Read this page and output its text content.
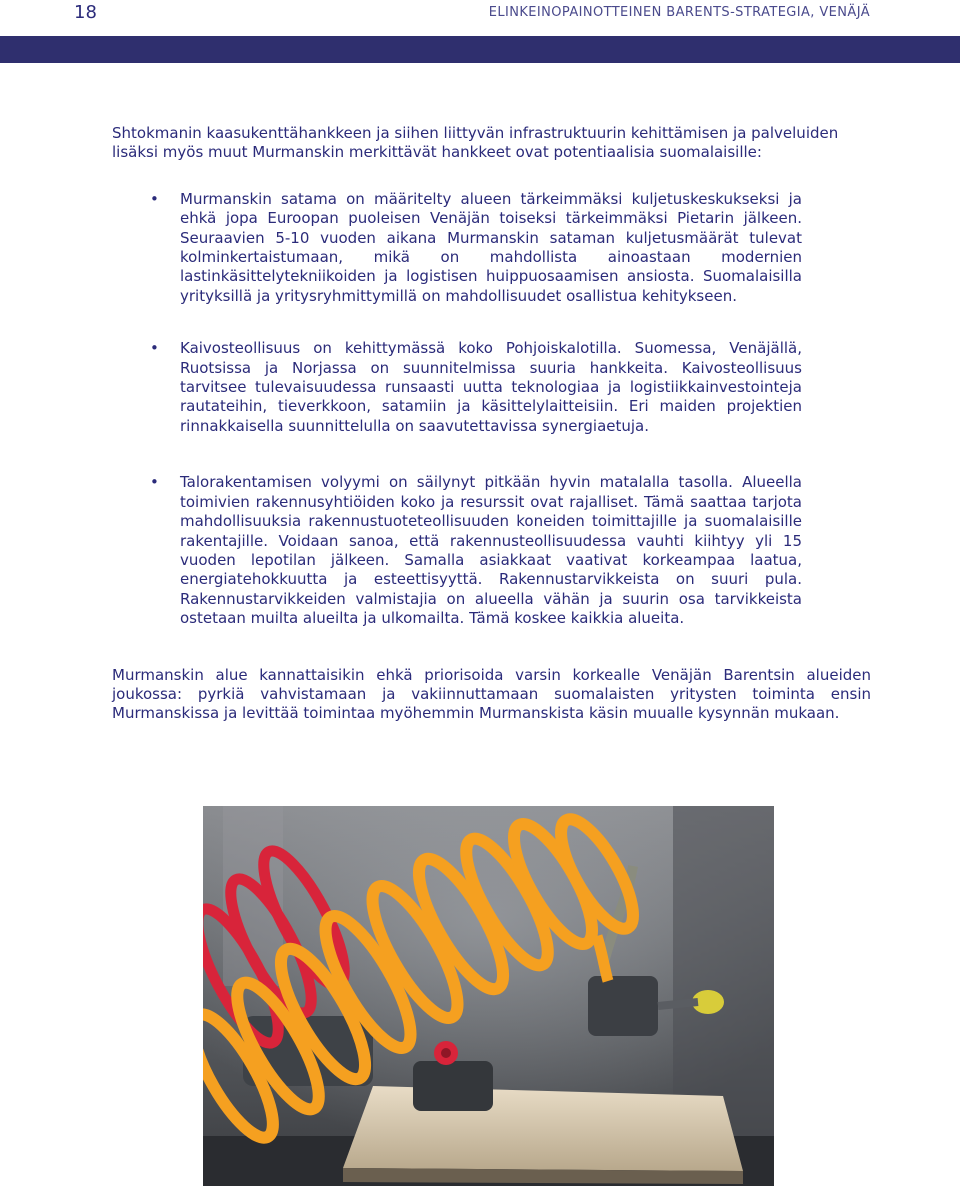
18	ELINKEINOPAINOTTEINEN BARENTS-STRATEGIA, VENÄJÄ

Shtokmanin kaasukenttähankkeen ja siihen liittyvän infrastruktuurin kehittämisen ja palveluiden lisäksi myös muut Murmanskin merkittävät hankkeet ovat potentiaalisia suomalaisille:

• Murmanskin satama on määritelty alueen tärkeimmäksi kuljetuskeskukseksi ja ehkä jopa Euroopan puoleisen Venäjän toiseksi tärkeimmäksi Pietarin jälkeen. Seuraavien 5-10 vuoden aikana Murmanskin sataman kuljetusmäärät tulevat kolminkertaistumaan, mikä on mahdollista ainoastaan modernien lastinkäsittelytekniikoiden ja logistisen huippuosaamisen ansiosta. Suomalaisilla yrityksillä ja yritysryhmittymillä on mahdollisuudet osallistua kehitykseen.
• Kaivosteollisuus on kehittymässä koko Pohjoiskalotilla. Suomessa, Venäjällä, Ruotsissa ja Norjassa on suunnitelmissa suuria hankkeita. Kaivosteollisuus tarvitsee tulevaisuudessa runsaasti uutta teknologiaa ja logistiikkainvestointeja rautateihin, tieverkkoon, satamiin ja käsittelylaitteisiin. Eri maiden projektien rinnakkaisella suunnittelulla on saavutettavissa synergiaetuja.
• Talorakentamisen volyymi on säilynyt pitkään hyvin matalalla tasolla. Alueella toimivien rakennusyhtiöiden koko ja resurssit ovat rajalliset. Tämä saattaa tarjota mahdollisuuksia rakennustuoteteollisuuden koneiden toimittajille ja suomalaisille rakentajille. Voidaan sanoa, että rakennusteollisuudessa vauhti kiihtyy yli 15 vuoden lepotilan jälkeen. Samalla asiakkaat vaativat korkeampaa laatua, energiatehokkuutta ja esteettisyyttä. Rakennustarvikkeista on suuri pula. Rakennustarvikkeiden valmistajia on alueella vähän ja suurin osa tarvikkeista ostetaan muilta alueilta ja ulkomailta. Tämä koskee kaikkia alueita.

Murmanskin alue kannattaisikin ehkä priorisoida varsin korkealle Venäjän Barentsin alueiden joukossa: pyrkiä vahvistamaan ja vakiinnuttamaan suomalaisten yritysten toiminta ensin Murmanskissa ja levittää toimintaa myöhemmin Murmanskista käsin muualle kysynnän mukaan.
